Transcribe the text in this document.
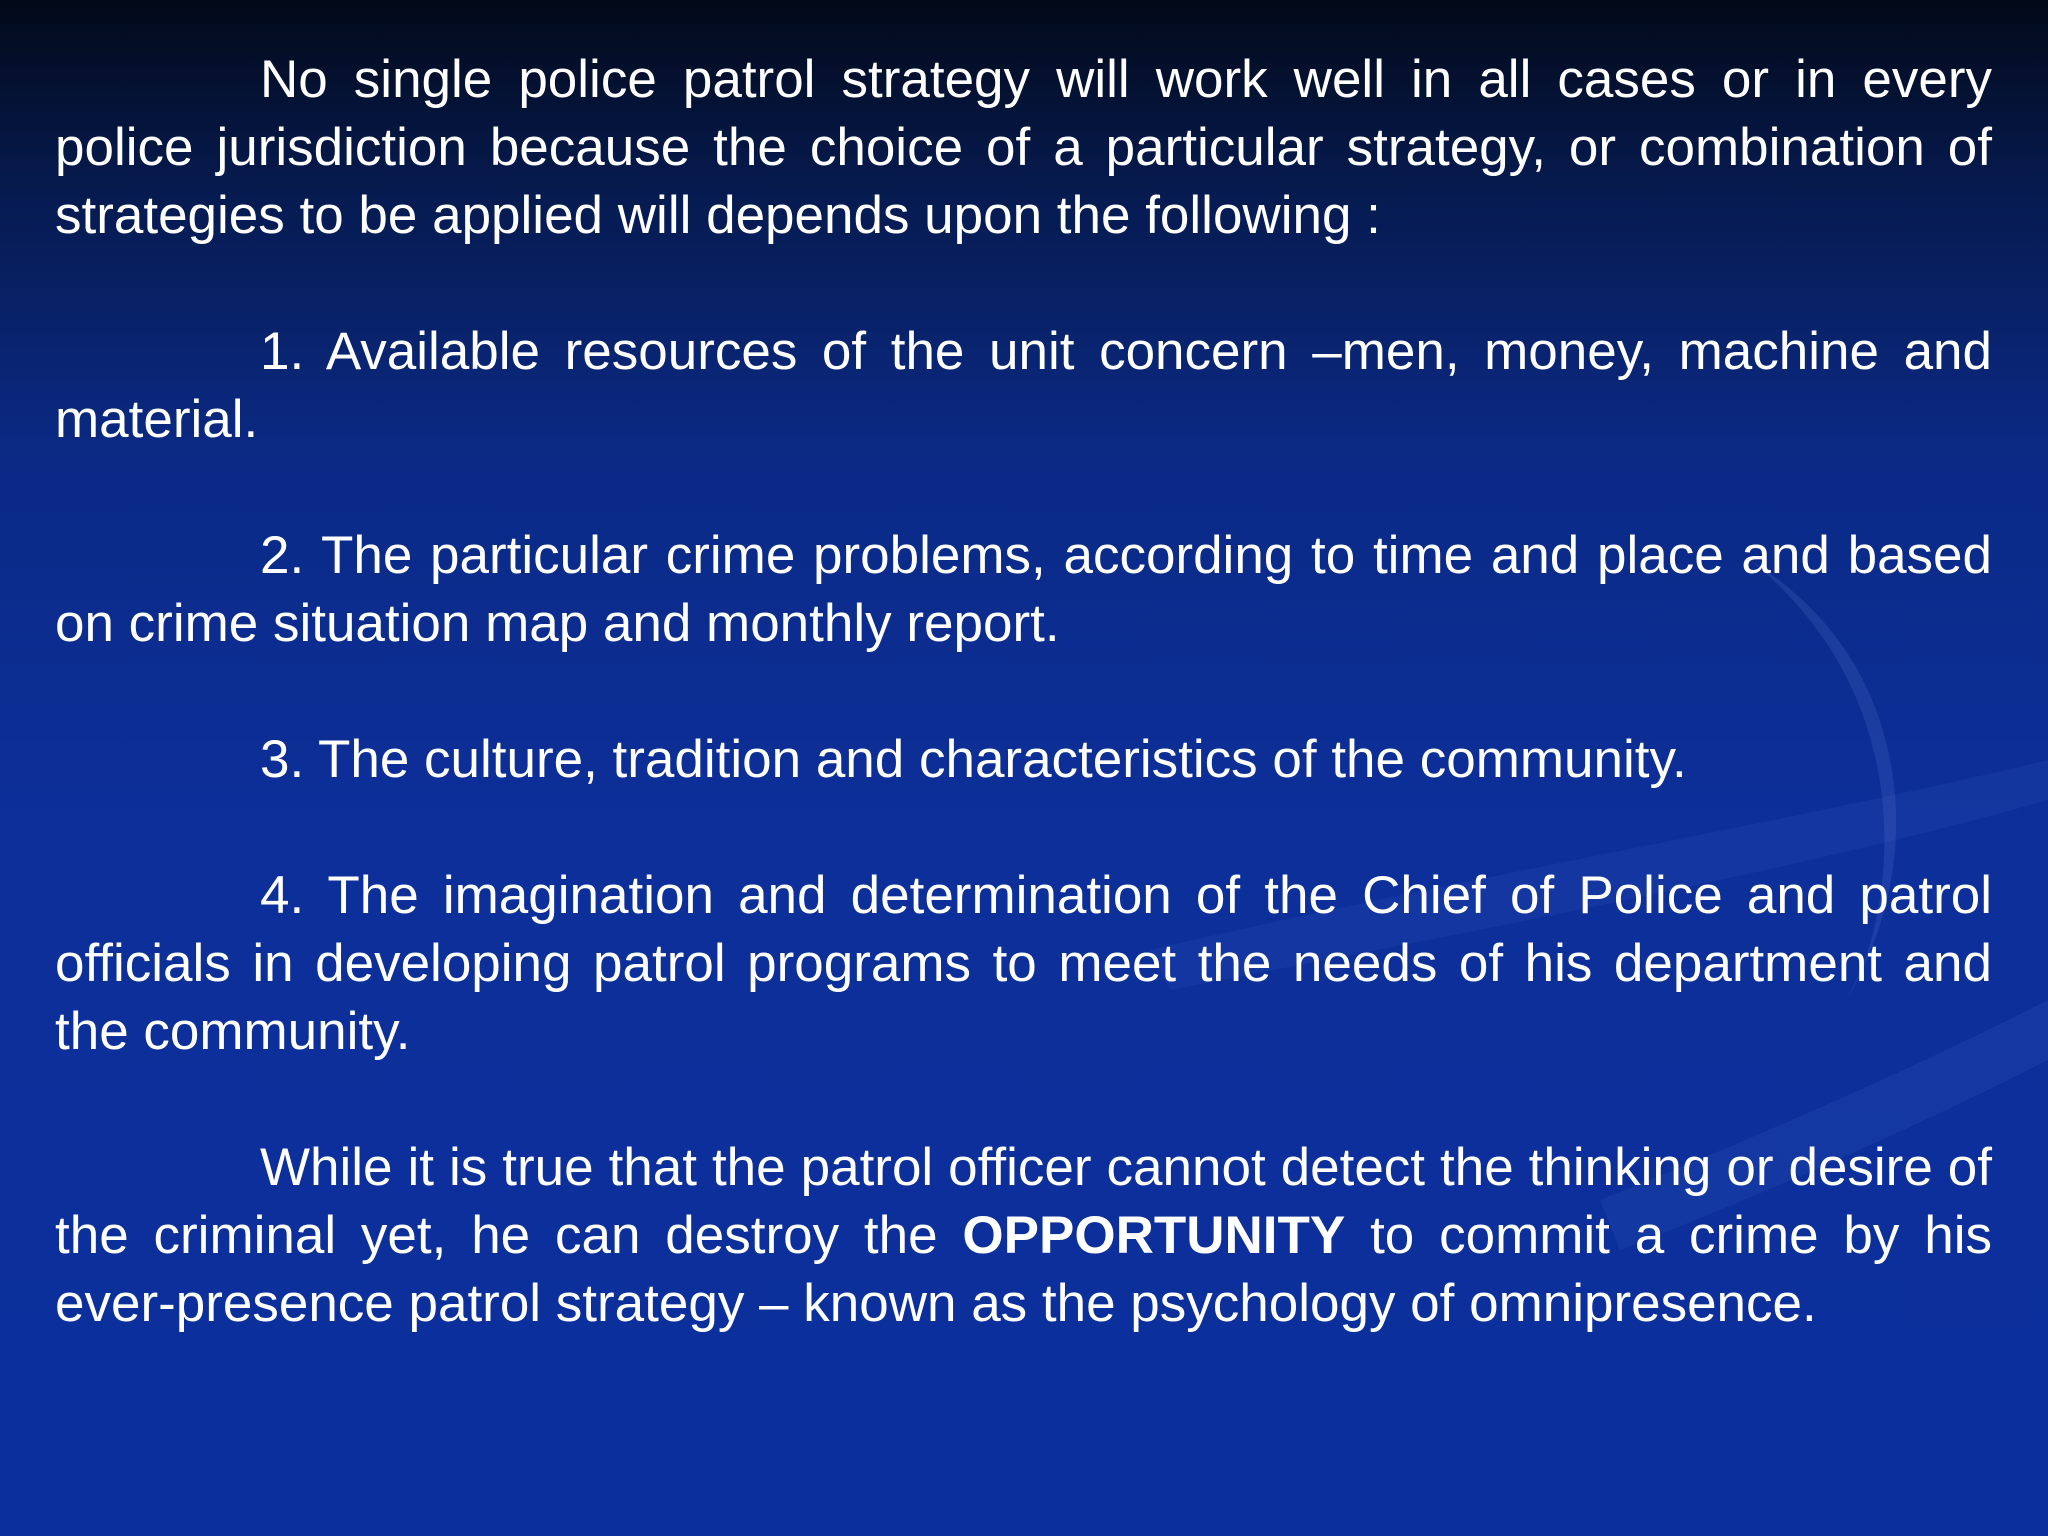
No single police patrol strategy will work well in all cases or in every police jurisdiction because the choice of a particular strategy, or combination of strategies to be applied will depends upon the following :

1. Available resources of the unit concern –men, money, machine and material.

2. The particular crime problems, according to time and place and based on crime situation map and monthly report.

3. The culture, tradition and characteristics of the community.

4. The imagination and determination of the Chief of Police and patrol officials in developing patrol programs to meet the needs of his department and the community.

While it is true that the patrol officer cannot detect the thinking or desire of the criminal yet, he can destroy the OPPORTUNITY to commit a crime by his ever-presence patrol strategy – known as the psychology of omnipresence.
